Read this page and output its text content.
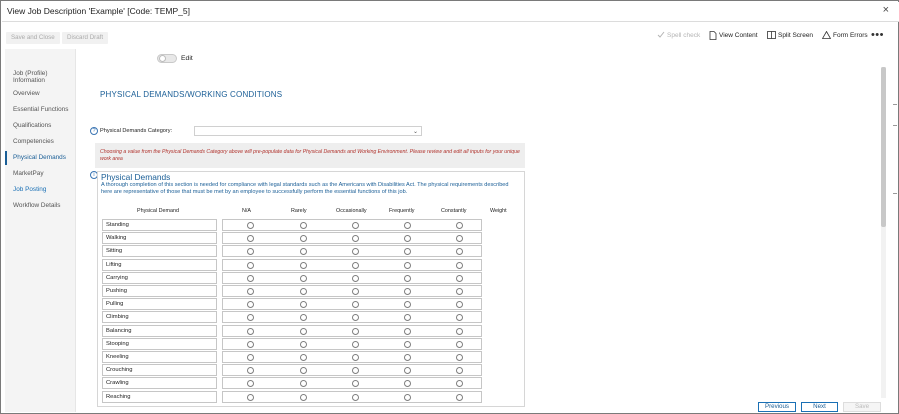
View Job Description 'Example' [Code: TEMP_5]	×
Save and Close	Discard Draft	Spell check	View Content	Split Screen	Form Errors •••
Job (Profile) Information
Overview
Essential Functions
Qualifications
Competencies
Physical Demands
MarketPay
Job Posting
Workflow Details
Edit
PHYSICAL DEMANDS/WORKING CONDITIONS
? Physical Demands Category:	⌄
Choosing a value from the Physical Demands Category above will pre-populate data for Physical Demands and Working Environment. Please review and edit all inputs for your unique work area
i Physical Demands
A thorough completion of this section is needed for compliance with legal standards such as the Americans with Disabilities Act. The physical requirements described here are representative of those that must be met by an employee to successfully perform the essential functions of this job.
Physical Demand	N/A	Rarely	Occasionally	Frequently	Constantly	Weight
Standing
Walking
Sitting
Lifting
Carrying
Pushing
Pulling
Climbing
Balancing
Stooping
Kneeling
Crouching
Crawling
Reaching
Previous	Next	Save
